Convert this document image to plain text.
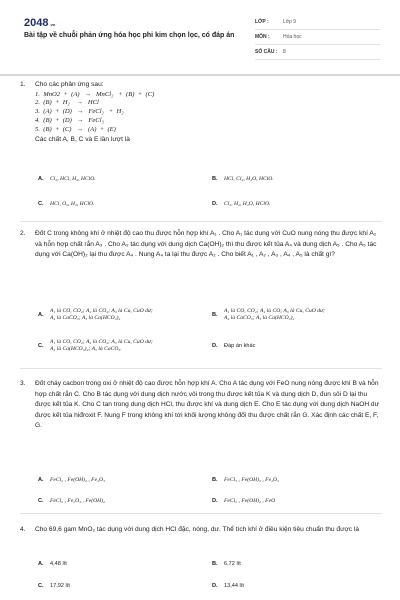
2048.vn
Bài tập về chuỗi phản ứng hóa học phi kim chọn lọc, có đáp án
LỚP :	Lớp 9
MÔN :	Hóa học
SỐ CÂU :	8
1. Cho các phản ứng sau:
1.  MnO2  +  (A)   →   MnCl₂   +  (B)  +  (C)
2.  (B)  +  H₂    →   HCl
3.  (A)  +  (D)   →   FeCl₂   +  H₂
4.  (B)  +  (D)   →   FeCl₃
5.  (B)  +  (C)   →   (A)  +  (E)
Các chất A, B, C và E lần lượt là
A.	Cl₂, HCl, H₂, HClO.	B.	HCl, Cl₂, H₂O, HClO.
C.	HCl, O₂, H₂, HClO.	D.	Cl₂, H₂, H₂O, HClO.
2. Đốt C trong không khí ở nhiệt độ cao thu được hỗn hợp khí A₁ . Cho A₁ tác dụng với CuO nung nóng thu được khí A₂ và hỗn hợp chất rắn A₃ . Cho A₂ tác dụng với dung dịch Ca(OH)₂ thì thu được kết tủa A₄ và dung dịch A₅ . Cho A₅ tác dụng với Ca(OH)₂ lại thu được A₄ . Nung A₄ ta lại thu được A₂ . Cho biết A₁ , A₂ , A₃ , A₄ , A₅ là chất gì?
A.
A₁ là CO, CO₂; A₂ là CO₂; A₃ là Cu, CuO dư;
A₄ là CaCO₃; A₅ là Ca(HCO₃)₂
B.
A₁ là CO, CO₂; A₂ là CO; A₃ là Cu, CuO dư;
A₄ là CaCO₃; A₅ là Ca(HCO₃)₂
C.
A₁ là CO, CO₂; A₂ là CO₂; A₃ là Cu, CuO dư;
A₄ là Ca(HCO₃)₂; A₅ là CaCO₃.
D.	Đáp án khác
3. Đốt cháy cacbon trong oxi ở nhiệt độ cao được hỗn hợp khí A. Cho A tác dụng với FeO nung nóng được khí B và hỗn hợp chất rắn C. Cho B tác dụng với dung dịch nước vôi trong thu được kết tủa K và dung dịch D, đun sôi D lại thu được kết tủa K. Cho C tan trong dung dịch HCl, thu được khí và dung dịch E. Cho E tác dụng với dung dịch NaOH dư được kết tủa hiđroxit F. Nung F trong không khí tới khối lượng không đổi thu được chất rắn G. Xác định các chất E, F, G.
A.	FeCl₂ , Fe(OH)₂ , Fe₂O₃	B.	FeCl₃ , Fe(OH)₃ , Fe₂O₃
C.	FeCl₂ , Fe₂O₃ , Fe(OH)₂	D.	FeCl₂ , Fe(OH)₂ , FeO
4. Cho 69,6 gam MnO₂ tác dụng với dung dịch HCl đặc, nóng, dư. Thể tích khí ở điều kiện tiêu chuẩn thu được là
A.	4,48 lít	B.	6,72 lít
C.	17,92 lít	D.	13,44 lít
